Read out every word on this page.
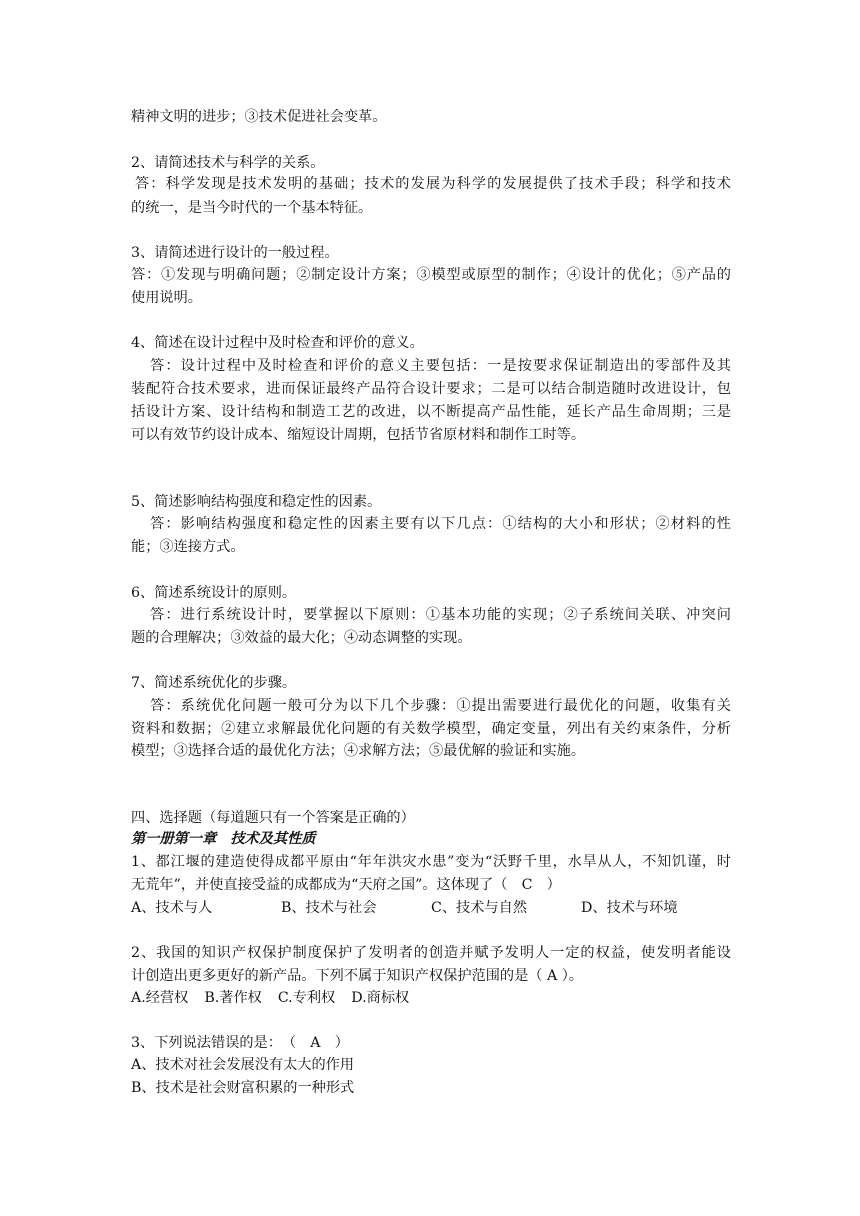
精神文明的进步；③技术促进社会变革。
2、请简述技术与科学的关系。
答：科学发现是技术发明的基础；技术的发展为科学的发展提供了技术手段；科学和技术
的统一，是当今时代的一个基本特征。
3、请简述进行设计的一般过程。
答：①发现与明确问题；②制定设计方案；③模型或原型的制作；④设计的优化；⑤产品的
使用说明。
4、简述在设计过程中及时检查和评价的意义。
答：设计过程中及时检查和评价的意义主要包括：一是按要求保证制造出的零部件及其
装配符合技术要求，进而保证最终产品符合设计要求；二是可以结合制造随时改进设计，包
括设计方案、设计结构和制造工艺的改进，以不断提高产品性能，延长产品生命周期；三是
可以有效节约设计成本、缩短设计周期，包括节省原材料和制作工时等。
5、简述影响结构强度和稳定性的因素。
答：影响结构强度和稳定性的因素主要有以下几点：①结构的大小和形状；②材料的性
能；③连接方式。
6、简述系统设计的原则。
答：进行系统设计时，要掌握以下原则：①基本功能的实现；②子系统间关联、冲突问
题的合理解决；③效益的最大化；④动态调整的实现。
7、简述系统优化的步骤。
答：系统优化问题一般可分为以下几个步骤：①提出需要进行最优化的问题，收集有关
资料和数据；②建立求解最优化问题的有关数学模型，确定变量，列出有关约束条件，分析
模型；③选择合适的最优化方法；④求解方法；⑤最优解的验证和实施。
四、选择题（每道题只有一个答案是正确的）
第一册第一章　技术及其性质
1、都江堰的建造使得成都平原由“年年洪灾水患”变为“沃野千里，水旱从人，不知饥谨，时
无荒年”，并使直接受益的成都成为“天府之国”。这体现了（　C　）
A、技术与人	B、技术与社会	C、技术与自然	D、技术与环境
2、我国的知识产权保护制度保护了发明者的创造并赋予发明人一定的权益，使发明者能设
计创造出更多更好的新产品。下列不属于知识产权保护范围的是（ A ）。
A.经营权 B.著作权 C.专利权 D.商标权
3、下列说法错误的是：　（　A　）
A、技术对社会发展没有太大的作用
B、技术是社会财富积累的一种形式
